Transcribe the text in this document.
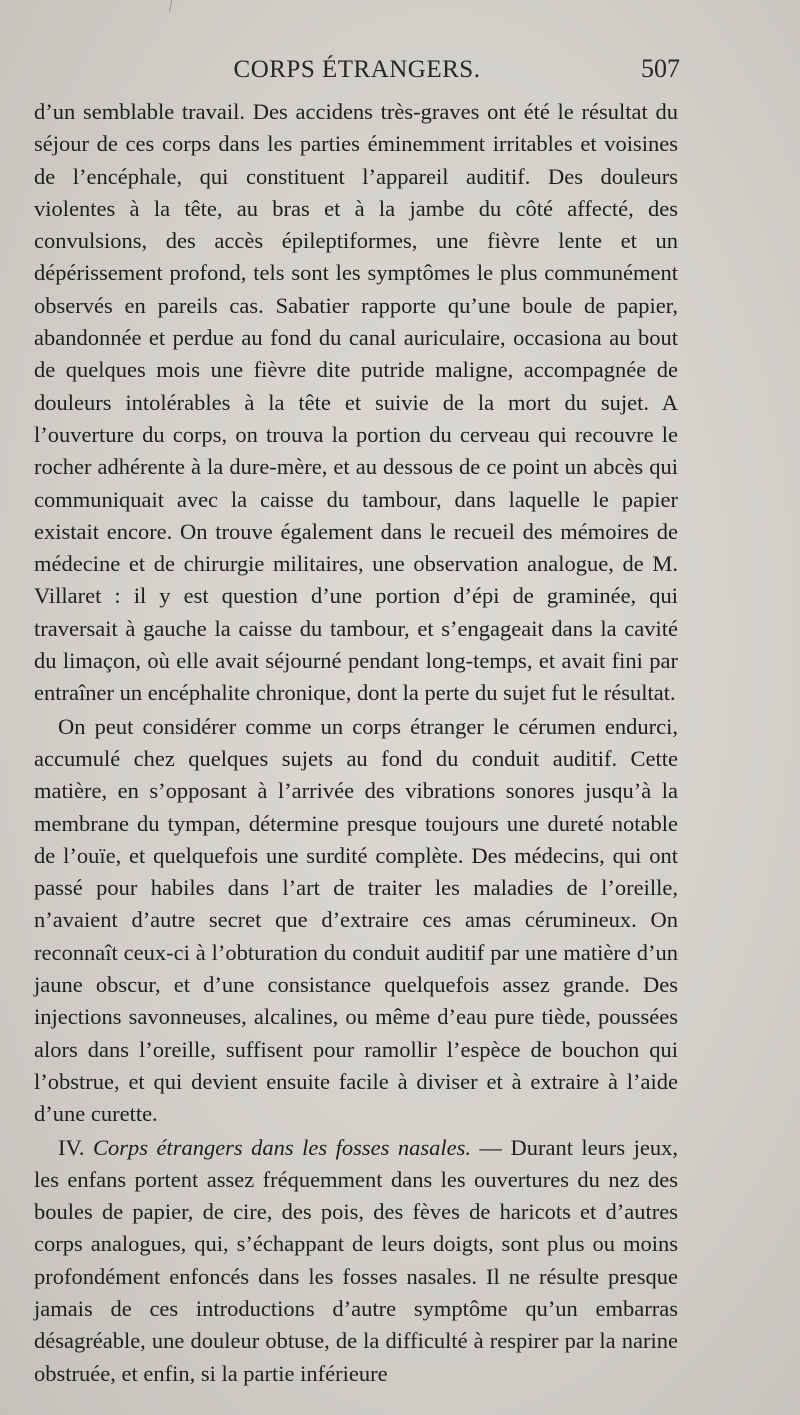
CORPS ÉTRANGERS.	507

d’un semblable travail. Des accidens très-graves ont été le résultat du séjour de ces corps dans les parties éminemment irritables et voisines de l’encéphale, qui constituent l’appareil auditif. Des douleurs violentes à la tête, au bras et à la jambe du côté affecté, des convulsions, des accès épileptiformes, une fièvre lente et un dépérissement profond, tels sont les symptômes le plus communément observés en pareils cas. Sabatier rapporte qu’une boule de papier, abandonnée et perdue au fond du canal auriculaire, occasiona au bout de quelques mois une fièvre dite putride maligne, accompagnée de douleurs intolérables à la tête et suivie de la mort du sujet. A l’ouverture du corps, on trouva la portion du cerveau qui recouvre le rocher adhérente à la dure-mère, et au dessous de ce point un abcès qui communiquait avec la caisse du tambour, dans laquelle le papier existait encore. On trouve également dans le recueil des mémoires de médecine et de chirurgie militaires, une observation analogue, de M. Villaret : il y est question d’une portion d’épi de graminée, qui traversait à gauche la caisse du tambour, et s’engageait dans la cavité du limaçon, où elle avait séjourné pendant long-temps, et avait fini par entraîner un encéphalite chronique, dont la perte du sujet fut le résultat.

On peut considérer comme un corps étranger le cérumen endurci, accumulé chez quelques sujets au fond du conduit auditif. Cette matière, en s’opposant à l’arrivée des vibrations sonores jusqu’à la membrane du tympan, détermine presque toujours une dureté notable de l’ouïe, et quelquefois une surdité complète. Des médecins, qui ont passé pour habiles dans l’art de traiter les maladies de l’oreille, n’avaient d’autre secret que d’extraire ces amas cérumineux. On reconnaît ceux-ci à l’obturation du conduit auditif par une matière d’un jaune obscur, et d’une consistance quelquefois assez grande. Des injections savonneuses, alcalines, ou même d’eau pure tiède, poussées alors dans l’oreille, suffisent pour ramollir l’espèce de bouchon qui l’obstrue, et qui devient ensuite facile à diviser et à extraire à l’aide d’une curette.

IV. Corps étrangers dans les fosses nasales. — Durant leurs jeux, les enfans portent assez fréquemment dans les ouvertures du nez des boules de papier, de cire, des pois, des fèves de haricots et d’autres corps analogues, qui, s’échappant de leurs doigts, sont plus ou moins profondément enfoncés dans les fosses nasales. Il ne résulte presque jamais de ces introductions d’autre symptôme qu’un embarras désagréable, une douleur obtuse, de la difficulté à respirer par la narine obstruée, et enfin, si la partie inférieure
